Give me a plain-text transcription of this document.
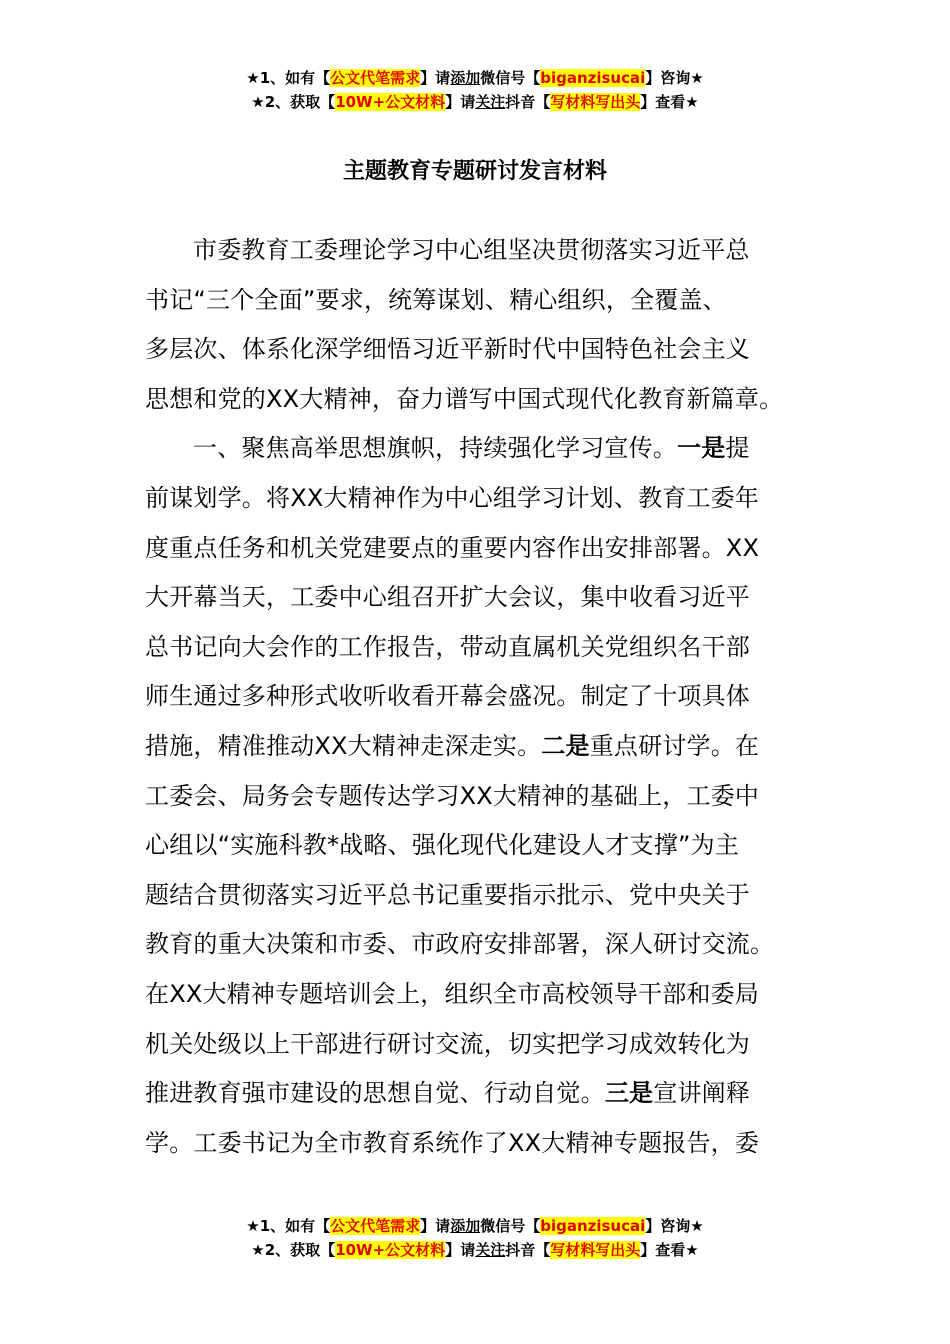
★1、如有【公文代笔需求】请添加微信号【biganzisucai】咨询★
★2、获取【10W+公文材料】请关注抖音【写材料写出头】查看★
主题教育专题研讨发言材料
市委教育工委理论学习中心组坚决贯彻落实习近平总
书记“三个全面”要求，统筹谋划、精心组织，全覆盖、
多层次、体系化深学细悟习近平新时代中国特色社会主义
思想和党的XX大精神，奋力谱写中国式现代化教育新篇章。
一、聚焦高举思想旗帜，持续强化学习宣传。一是提
前谋划学。将XX大精神作为中心组学习计划、教育工委年
度重点任务和机关党建要点的重要内容作出安排部署。XX
大开幕当天，工委中心组召开扩大会议，集中收看习近平
总书记向大会作的工作报告，带动直属机关党组织名干部
师生通过多种形式收听收看开幕会盛况。制定了十项具体
措施，精准推动XX大精神走深走实。二是重点研讨学。在
工委会、局务会专题传达学习XX大精神的基础上，工委中
心组以“实施科教*战略、强化现代化建设人才支撑”为主
题结合贯彻落实习近平总书记重要指示批示、党中央关于
教育的重大决策和市委、市政府安排部署，深人研讨交流。
在XX大精神专题培训会上，组织全市高校领导干部和委局
机关处级以上干部进行研讨交流，切实把学习成效转化为
推进教育强市建设的思想自觉、行动自觉。三是宣讲阐释
学。工委书记为全市教育系统作了XX大精神专题报告，委
★1、如有【公文代笔需求】请添加微信号【biganzisucai】咨询★
★2、获取【10W+公文材料】请关注抖音【写材料写出头】查看★
